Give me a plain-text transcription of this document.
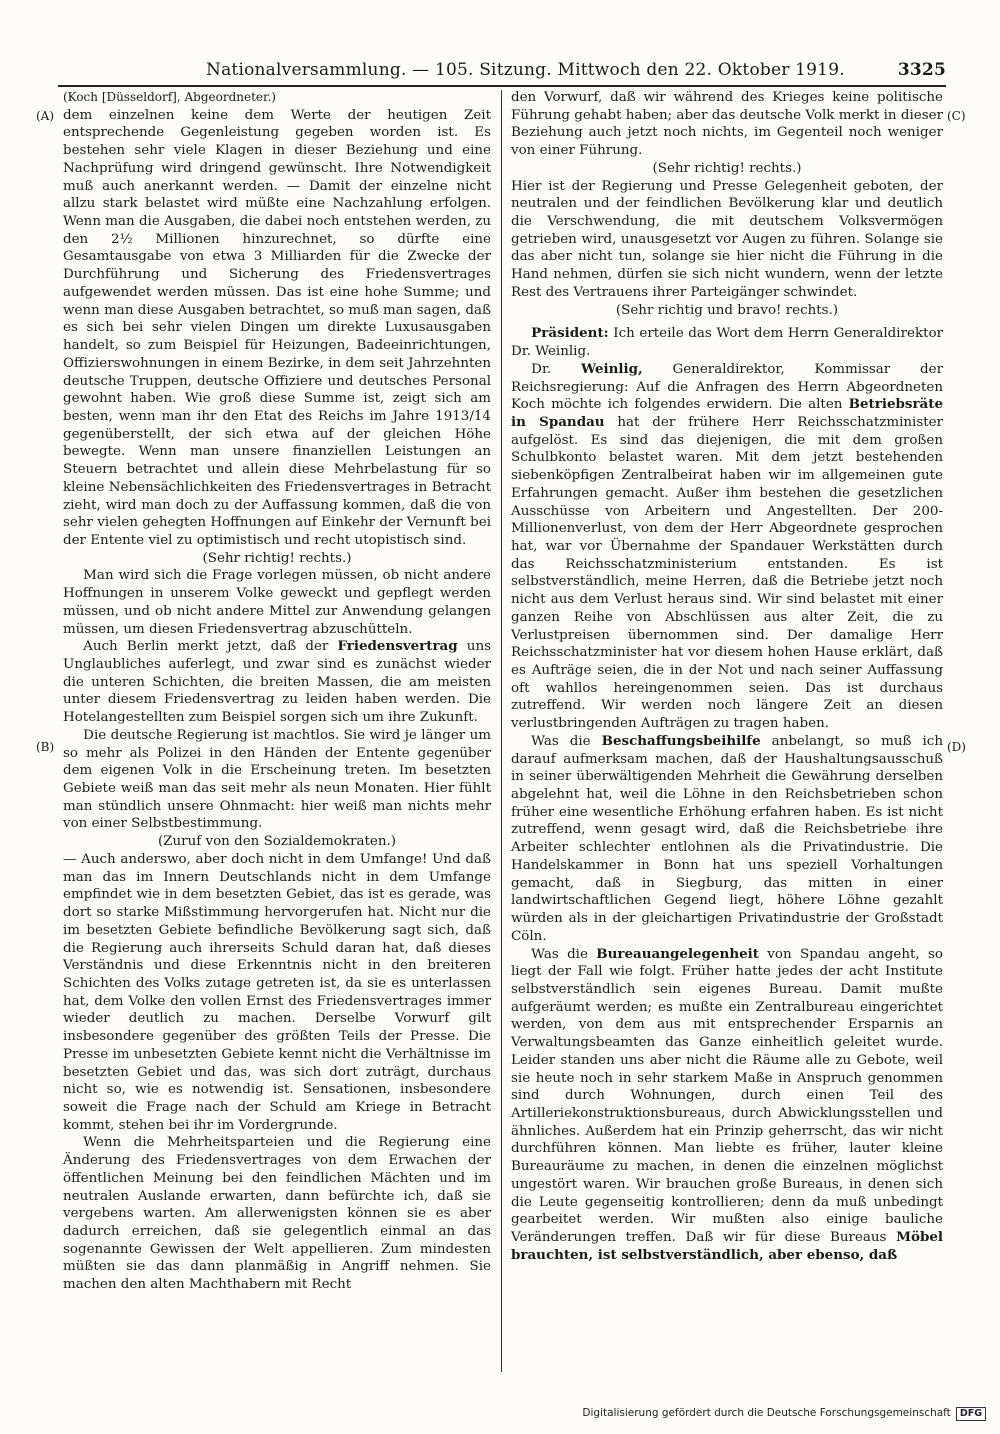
Nationalversammlung. — 105. Sitzung. Mittwoch den 22. Oktober 1919.	3325
(A)
(B)
(C)
(D)

(Koch [Düsseldorf], Abgeordneter.)

dem einzelnen keine dem Werte der heutigen Zeit entsprechende Gegenleistung gegeben worden ist. Es bestehen sehr viele Klagen in dieser Beziehung und eine Nachprüfung wird dringend gewünscht. Ihre Notwendigkeit muß auch anerkannt werden. — Damit der einzelne nicht allzu stark belastet wird müßte eine Nachzahlung erfolgen. Wenn man die Ausgaben, die dabei noch entstehen werden, zu den 2½ Millionen hinzurechnet, so dürfte eine Gesamtausgabe von etwa 3 Milliarden für die Zwecke der Durchführung und Sicherung des Friedensvertrages aufgewendet werden müssen. Das ist eine hohe Summe; und wenn man diese Ausgaben betrachtet, so muß man sagen, daß es sich bei sehr vielen Dingen um direkte Luxusausgaben handelt, so zum Beispiel für Heizungen, Badeeinrichtungen, Offizierswohnungen in einem Bezirke, in dem seit Jahrzehnten deutsche Truppen, deutsche Offiziere und deutsches Personal gewohnt haben. Wie groß diese Summe ist, zeigt sich am besten, wenn man ihr den Etat des Reichs im Jahre 1913/14 gegenüberstellt, der sich etwa auf der gleichen Höhe bewegte. Wenn man unsere finanziellen Leistungen an Steuern betrachtet und allein diese Mehrbelastung für so kleine Nebensächlichkeiten des Friedensvertrages in Betracht zieht, wird man doch zu der Auffassung kommen, daß die von sehr vielen gehegten Hoffnungen auf Einkehr der Vernunft bei der Entente viel zu optimistisch und recht utopistisch sind.

(Sehr richtig! rechts.)

Man wird sich die Frage vorlegen müssen, ob nicht andere Hoffnungen in unserem Volke geweckt und gepflegt werden müssen, und ob nicht andere Mittel zur Anwendung gelangen müssen, um diesen Friedensvertrag abzuschütteln.

Auch Berlin merkt jetzt, daß der Friedensvertrag uns Unglaubliches auferlegt, und zwar sind es zunächst wieder die unteren Schichten, die breiten Massen, die am meisten unter diesem Friedensvertrag zu leiden haben werden. Die Hotelangestellten zum Beispiel sorgen sich um ihre Zukunft.

Die deutsche Regierung ist machtlos. Sie wird je länger um so mehr als Polizei in den Händen der Entente gegenüber dem eigenen Volk in die Erscheinung treten. Im besetzten Gebiete weiß man das seit mehr als neun Monaten. Hier fühlt man stündlich unsere Ohnmacht: hier weiß man nichts mehr von einer Selbstbestimmung.

(Zuruf von den Sozialdemokraten.)

— Auch anderswo, aber doch nicht in dem Umfange! Und daß man das im Innern Deutschlands nicht in dem Umfange empfindet wie in dem besetzten Gebiet, das ist es gerade, was dort so starke Mißstimmung hervorgerufen hat. Nicht nur die im besetzten Gebiete befindliche Bevölkerung sagt sich, daß die Regierung auch ihrerseits Schuld daran hat, daß dieses Verständnis und diese Erkenntnis nicht in den breiteren Schichten des Volks zutage getreten ist, da sie es unterlassen hat, dem Volke den vollen Ernst des Friedensvertrages immer wieder deutlich zu machen. Derselbe Vorwurf gilt insbesondere gegenüber des größten Teils der Presse. Die Presse im unbesetzten Gebiete kennt nicht die Verhältnisse im besetzten Gebiet und das, was sich dort zuträgt, durchaus nicht so, wie es notwendig ist. Sensationen, insbesondere soweit die Frage nach der Schuld am Kriege in Betracht kommt, stehen bei ihr im Vordergrunde.

Wenn die Mehrheitsparteien und die Regierung eine Änderung des Friedensvertrages von dem Erwachen der öffentlichen Meinung bei den feindlichen Mächten und im neutralen Auslande erwarten, dann befürchte ich, daß sie vergebens warten. Am allerwenigsten können sie es aber dadurch erreichen, daß sie gelegentlich einmal an das sogenannte Gewissen der Welt appellieren. Zum mindesten müßten sie das dann planmäßig in Angriff nehmen. Sie machen den alten Machthabern mit Recht

den Vorwurf, daß wir während des Krieges keine politische Führung gehabt haben; aber das deutsche Volk merkt in dieser Beziehung auch jetzt noch nichts, im Gegenteil noch weniger von einer Führung.

(Sehr richtig! rechts.)

Hier ist der Regierung und Presse Gelegenheit geboten, der neutralen und der feindlichen Bevölkerung klar und deutlich die Verschwendung, die mit deutschem Volksvermögen getrieben wird, unausgesetzt vor Augen zu führen. Solange sie das aber nicht tun, solange sie hier nicht die Führung in die Hand nehmen, dürfen sie sich nicht wundern, wenn der letzte Rest des Vertrauens ihrer Parteigänger schwindet.

(Sehr richtig und bravo! rechts.)

Präsident: Ich erteile das Wort dem Herrn Generaldirektor Dr. Weinlig.

Dr. Weinlig, Generaldirektor, Kommissar der Reichsregierung: Auf die Anfragen des Herrn Abgeordneten Koch möchte ich folgendes erwidern. Die alten Betriebsräte in Spandau hat der frühere Herr Reichsschatzminister aufgelöst. Es sind das diejenigen, die mit dem großen Schulbkonto belastet waren. Mit dem jetzt bestehenden siebenköpfigen Zentralbeirat haben wir im allgemeinen gute Erfahrungen gemacht. Außer ihm bestehen die gesetzlichen Ausschüsse von Arbeitern und Angestellten. Der 200-Millionenverlust, von dem der Herr Abgeordnete gesprochen hat, war vor Übernahme der Spandauer Werkstätten durch das Reichsschatzministerium entstanden. Es ist selbstverständlich, meine Herren, daß die Betriebe jetzt noch nicht aus dem Verlust heraus sind. Wir sind belastet mit einer ganzen Reihe von Abschlüssen aus alter Zeit, die zu Verlustpreisen übernommen sind. Der damalige Herr Reichsschatzminister hat vor diesem hohen Hause erklärt, daß es Aufträge seien, die in der Not und nach seiner Auffassung oft wahllos hereingenommen seien. Das ist durchaus zutreffend. Wir werden noch längere Zeit an diesen verlustbringenden Aufträgen zu tragen haben.

Was die Beschaffungsbeihilfe anbelangt, so muß ich darauf aufmerksam machen, daß der Haushaltungsausschuß in seiner überwältigenden Mehrheit die Gewährung derselben abgelehnt hat, weil die Löhne in den Reichsbetrieben schon früher eine wesentliche Erhöhung erfahren haben. Es ist nicht zutreffend, wenn gesagt wird, daß die Reichsbetriebe ihre Arbeiter schlechter entlohnen als die Privatindustrie. Die Handelskammer in Bonn hat uns speziell Vorhaltungen gemacht, daß in Siegburg, das mitten in einer landwirtschaftlichen Gegend liegt, höhere Löhne gezahlt würden als in der gleichartigen Privatindustrie der Großstadt Cöln.

Was die Bureauangelegenheit von Spandau angeht, so liegt der Fall wie folgt. Früher hatte jedes der acht Institute selbstverständlich sein eigenes Bureau. Damit mußte aufgeräumt werden; es mußte ein Zentralbureau eingerichtet werden, von dem aus mit entsprechender Ersparnis an Verwaltungsbeamten das Ganze einheitlich geleitet wurde. Leider standen uns aber nicht die Räume alle zu Gebote, weil sie heute noch in sehr starkem Maße in Anspruch genommen sind durch Wohnungen, durch einen Teil des Artilleriekonstruktionsbureaus, durch Abwicklungsstellen und ähnliches. Außerdem hat ein Prinzip geherrscht, das wir nicht durchführen können. Man liebte es früher, lauter kleine Bureauräume zu machen, in denen die einzelnen möglichst ungestört waren. Wir brauchen große Bureaus, in denen sich die Leute gegenseitig kontrollieren; denn da muß unbedingt gearbeitet werden. Wir mußten also einige bauliche Veränderungen treffen. Daß wir für diese Bureaus Möbel brauchten, ist selbstverständlich, aber ebenso, daß

Digitalisierung gefördert durch die Deutsche Forschungsgemeinschaft DFG
